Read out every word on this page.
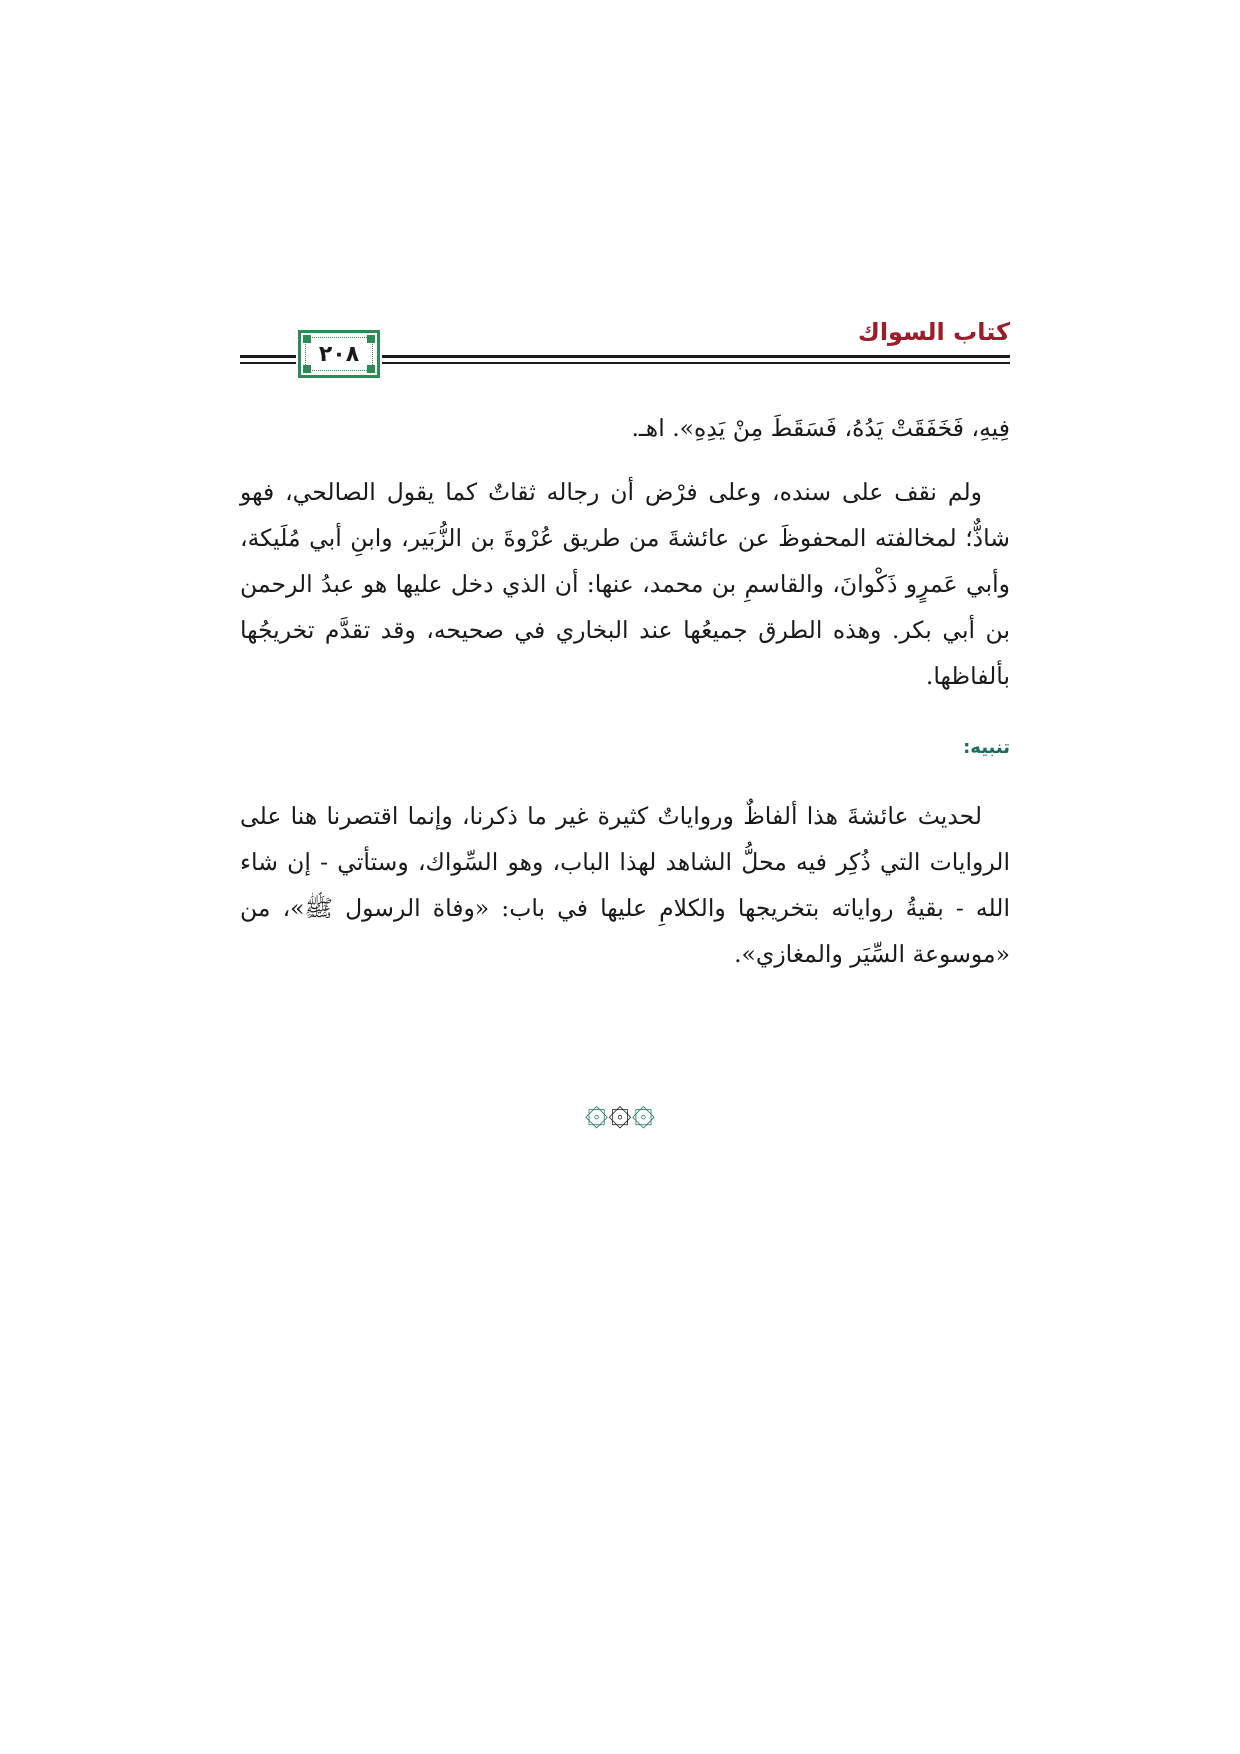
٢٠٨
كتاب السواك

فِيهِ، فَخَفَقَتْ يَدُهُ، فَسَقَطَ مِنْ يَدِهِ». اهـ.

ولم نقف على سنده، وعلى فرْض أن رجاله ثقاتٌ كما يقول الصالحي، فهو شاذٌّ؛ لمخالفته المحفوظَ عن عائشةَ من طريق عُرْوةَ بن الزُّبَير، وابنِ أبي مُلَيكة، وأبي عَمرٍو ذَكْوانَ، والقاسمِ بن محمد، عنها: أن الذي دخل عليها هو عبدُ الرحمن بن أبي بكر. وهذه الطرق جميعُها عند البخاري في صحيحه، وقد تقدَّم تخريجُها بألفاظها.

تنبيه:

لحديث عائشةَ هذا ألفاظٌ ورواياتٌ كثيرة غير ما ذكرنا، وإنما اقتصرنا هنا على الروايات التي ذُكِر فيه محلُّ الشاهد لهذا الباب، وهو السِّواك، وستأتي - إن شاء الله - بقيةُ رواياته بتخريجها والكلامِ عليها في باب: «وفاة الرسول ﷺ»، من «موسوعة السِّيَر والمغازي».

۞۞۞
